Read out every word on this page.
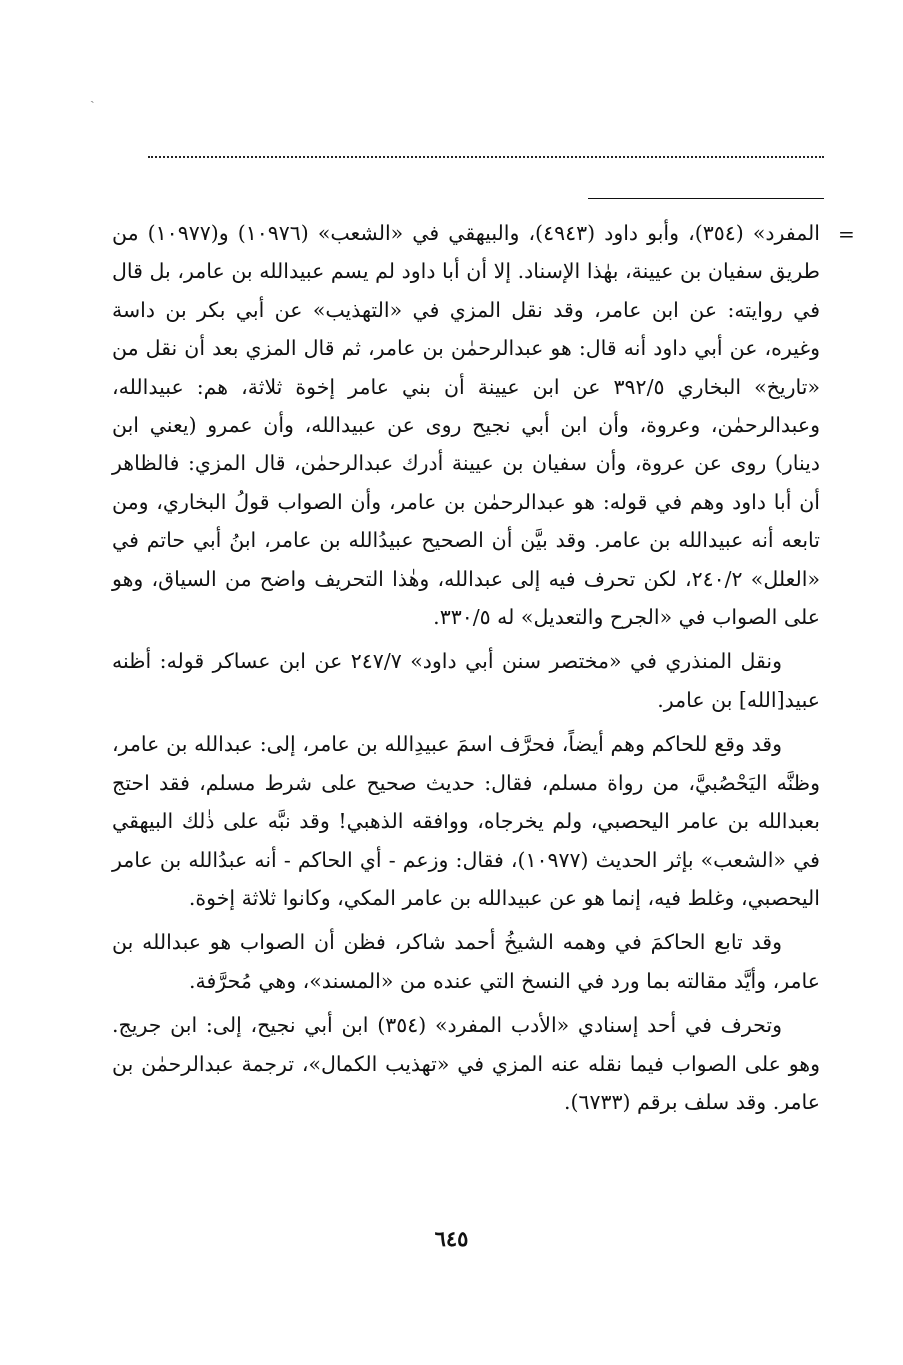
ˎ
=

المفرد» (٣٥٤)، وأبو داود (٤٩٤٣)، والبيهقي في «الشعب» (١٠٩٧٦) و(١٠٩٧٧) من طريق سفيان بن عيينة، بهٰذا الإسناد. إلا أن أبا داود لم يسم عبيدالله بن عامر، بل قال في روايته: عن ابن عامر، وقد نقل المزي في «التهذيب» عن أبي بكر بن داسة وغيره، عن أبي داود أنه قال: هو عبدالرحمٰن بن عامر، ثم قال المزي بعد أن نقل من «تاريخ» البخاري ٣٩٢/٥ عن ابن عيينة أن بني عامر إخوة ثلاثة، هم: عبيدالله، وعبدالرحمٰن، وعروة، وأن ابن أبي نجيح روى عن عبيدالله، وأن عمرو (يعني ابن دينار) روى عن عروة، وأن سفيان بن عيينة أدرك عبدالرحمٰن، قال المزي: فالظاهر أن أبا داود وهم في قوله: هو عبدالرحمٰن بن عامر، وأن الصواب قولُ البخاري، ومن تابعه أنه عبيدالله بن عامر. وقد بيَّن أن الصحيح عبيدُالله بن عامر، ابنُ أبي حاتم في «العلل» ٢٤٠/٢، لكن تحرف فيه إلى عبدالله، وهٰذا التحريف واضح من السياق، وهو على الصواب في «الجرح والتعديل» له ٣٣٠/٥.

ونقل المنذري في «مختصر سنن أبي داود» ٢٤٧/٧ عن ابن عساكر قوله: أظنه عبيد[الله] بن عامر.

وقد وقع للحاكم وهم أيضاً، فحرَّف اسمَ عبيدِالله بن عامر، إلى: عبدالله بن عامر، وظنَّه اليَحْصُبيَّ، من رواة مسلم، فقال: حديث صحيح على شرط مسلم، فقد احتج بعبدالله بن عامر اليحصبي، ولم يخرجاه، ووافقه الذهبي! وقد نبَّه على ذٰلك البيهقي في «الشعب» بإثر الحديث (١٠٩٧٧)، فقال: وزعم - أي الحاكم - أنه عبدُالله بن عامر اليحصبي، وغلط فيه، إنما هو عن عبيدالله بن عامر المكي، وكانوا ثلاثة إخوة.

وقد تابع الحاكمَ في وهمه الشيخُ أحمد شاكر، فظن أن الصواب هو عبدالله بن عامر، وأيَّد مقالته بما ورد في النسخ التي عنده من «المسند»، وهي مُحرَّفة.

وتحرف في أحد إسنادي «الأدب المفرد» (٣٥٤) ابن أبي نجيح، إلى: ابن جريج. وهو على الصواب فيما نقله عنه المزي في «تهذيب الكمال»، ترجمة عبدالرحمٰن بن عامر. وقد سلف برقم (٦٧٣٣).

٦٤٥
